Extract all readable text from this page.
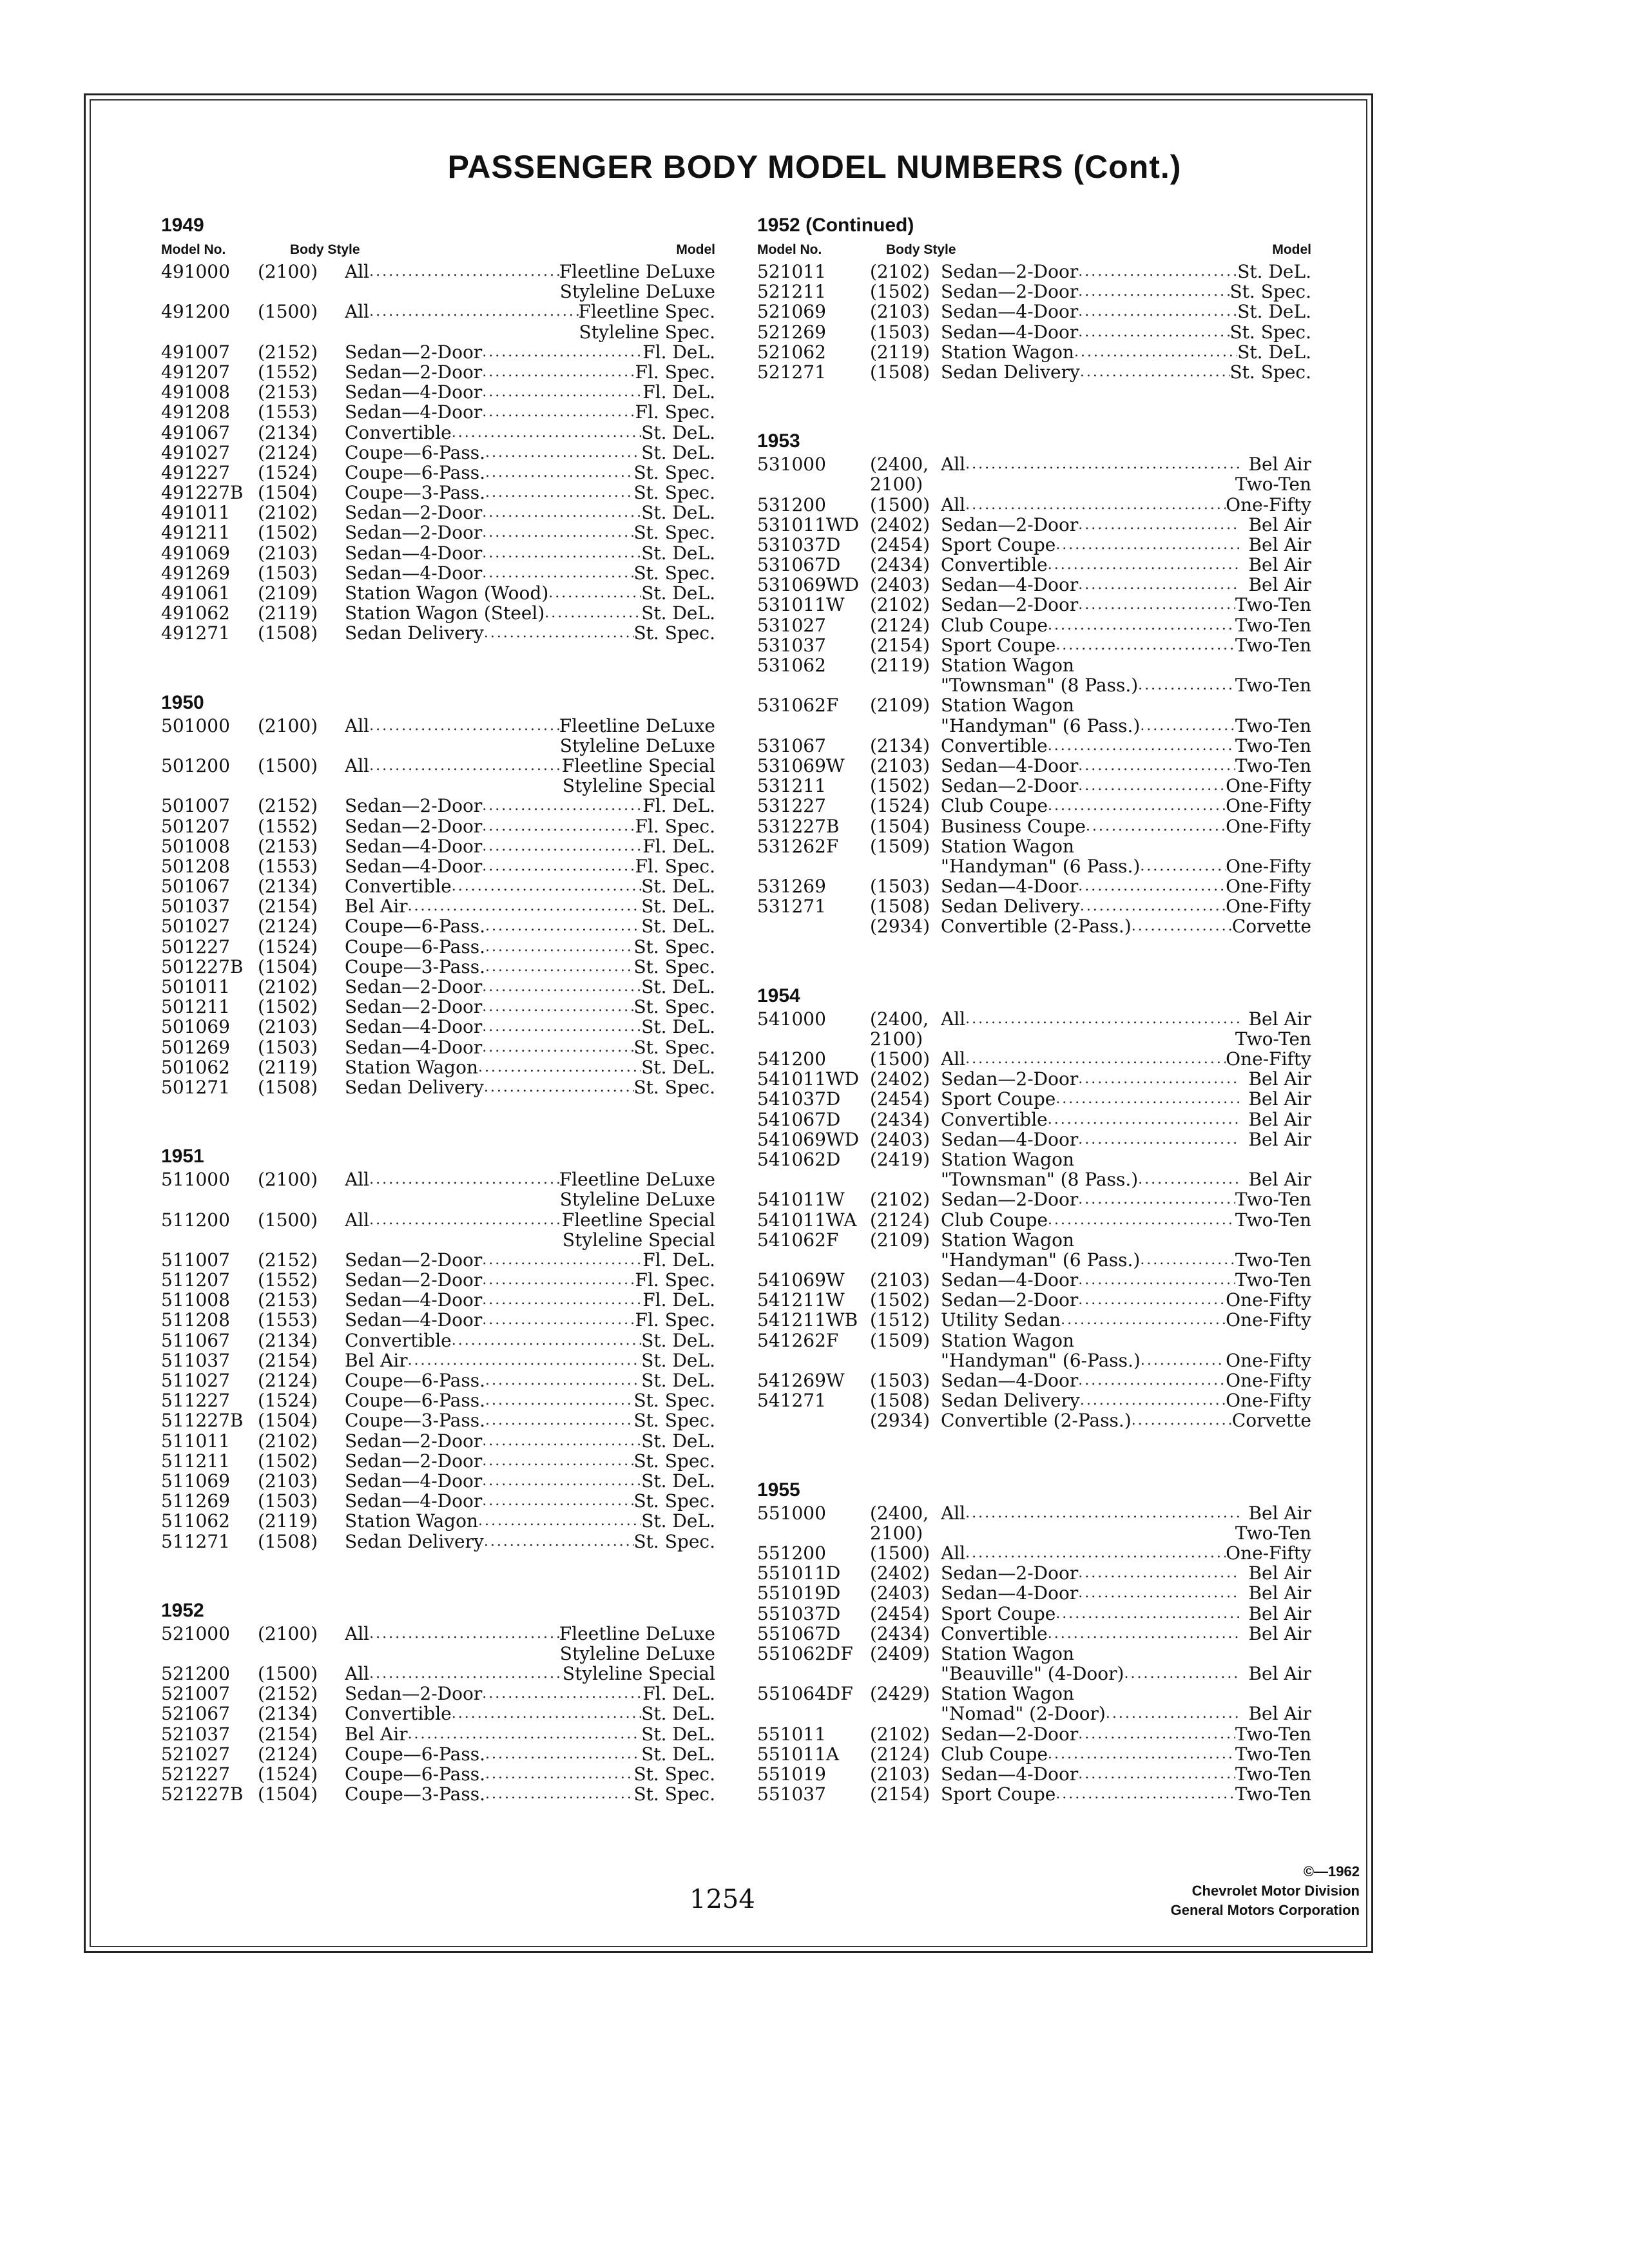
PASSENGER BODY MODEL NUMBERS (Cont.)
1949
Model No.	Body Style	Model
491000	(2100)	All .....	Fleetline DeLuxe
Styleline DeLuxe
491200	(1500)	All .....	Fleetline Spec.
Styleline Spec.
491007	(2152)	Sedan—2-Door .....	Fl. DeL.
491207	(1552)	Sedan—2-Door .....	Fl. Spec.
491008	(2153)	Sedan—4-Door .....	Fl. DeL.
491208	(1553)	Sedan—4-Door .....	Fl. Spec.
491067	(2134)	Convertible .....	St. DeL.
491027	(2124)	Coupe—6-Pass. .....	St. DeL.
491227	(1524)	Coupe—6-Pass. .....	St. Spec.
491227B (1504)	Coupe—3-Pass. .....	St. Spec.
491011	(2102)	Sedan—2-Door .....	St. DeL.
491211	(1502)	Sedan—2-Door .....	St. Spec.
491069	(2103)	Sedan—4-Door .....	St. DeL.
491269	(1503)	Sedan—4-Door .....	St. Spec.
491061	(2109)	Station Wagon (Wood) .....	St. DeL.
491062	(2119)	Station Wagon (Steel) .....	St. DeL.
491271	(1508)	Sedan Delivery .....	St. Spec.
1950
501000	(2100)	All .....	Fleetline DeLuxe
Styleline DeLuxe
501200	(1500)	All .....	Fleetline Special
Styleline Special
501007	(2152)	Sedan—2-Door .....	Fl. DeL.
501207	(1552)	Sedan—2-Door .....	Fl. Spec.
501008	(2153)	Sedan—4-Door .....	Fl. DeL.
501208	(1553)	Sedan—4-Door .....	Fl. Spec.
501067	(2134)	Convertible .....	St. DeL.
501037	(2154)	Bel Air .....	St. DeL.
501027	(2124)	Coupe—6-Pass. .....	St. DeL.
501227	(1524)	Coupe—6-Pass. .....	St. Spec.
501227B (1504)	Coupe—3-Pass. .....	St. Spec.
501011	(2102)	Sedan—2-Door .....	St. DeL.
501211	(1502)	Sedan—2-Door .....	St. Spec.
501069	(2103)	Sedan—4-Door .....	St. DeL.
501269	(1503)	Sedan—4-Door .....	St. Spec.
501062	(2119)	Station Wagon .....	St. DeL.
501271	(1508)	Sedan Delivery .....	St. Spec.
1951
511000	(2100)	All .....	Fleetline DeLuxe
Styleline DeLuxe
511200	(1500)	All .....	Fleetline Special
Styleline Special
511007	(2152)	Sedan—2-Door .....	Fl. DeL.
511207	(1552)	Sedan—2-Door .....	Fl. Spec.
511008	(2153)	Sedan—4-Door .....	Fl. DeL.
511208	(1553)	Sedan—4-Door .....	Fl. Spec.
511067	(2134)	Convertible .....	St. DeL.
511037	(2154)	Bel Air .....	St. DeL.
511027	(2124)	Coupe—6-Pass. .....	St. DeL.
511227	(1524)	Coupe—6-Pass. .....	St. Spec.
511227B (1504)	Coupe—3-Pass. .....	St. Spec.
511011	(2102)	Sedan—2-Door .....	St. DeL.
511211	(1502)	Sedan—2-Door .....	St. Spec.
511069	(2103)	Sedan—4-Door .....	St. DeL.
511269	(1503)	Sedan—4-Door .....	St. Spec.
511062	(2119)	Station Wagon .....	St. DeL.
511271	(1508)	Sedan Delivery .....	St. Spec.
1952
521000	(2100)	All .....	Fleetline DeLuxe
Styleline DeLuxe
521200	(1500)	All .....	Styleline Special
521007	(2152)	Sedan—2-Door .....	Fl. DeL.
521067	(2134)	Convertible .....	St. DeL.
521037	(2154)	Bel Air .....	St. DeL.
521027	(2124)	Coupe—6-Pass. .....	St. DeL.
521227	(1524)	Coupe—6-Pass. .....	St. Spec.
521227B (1504)	Coupe—3-Pass. .....	St. Spec.
1952 (Continued)
Model No.	Body Style	Model
521011	(2102) Sedan—2-Door .....	St. DeL.
521211	(1502) Sedan—2-Door .....	St. Spec.
521069	(2103) Sedan—4-Door .....	St. DeL.
521269	(1503) Sedan—4-Door .....	St. Spec.
521062	(2119) Station Wagon .....	St. DeL.
521271	(1508) Sedan Delivery .....	St. Spec.
1953
531000	(2400, All .....	Bel Air
2100)	Two-Ten
531200	(1500) All .....	One-Fifty
531011WD (2402) Sedan—2-Door .....	Bel Air
531037D	(2454) Sport Coupe .....	Bel Air
531067D	(2434) Convertible .....	Bel Air
531069WD (2403) Sedan—4-Door .....	Bel Air
531011W	(2102) Sedan—2-Door .....	Two-Ten
531027	(2124) Club Coupe .....	Two-Ten
531037	(2154) Sport Coupe .....	Two-Ten
531062	(2119) Station Wagon
"Townsman" (8 Pass.) .....	Two-Ten
531062F	(2109) Station Wagon
"Handyman" (6 Pass.) .....	Two-Ten
531067	(2134) Convertible .....	Two-Ten
531069W	(2103) Sedan—4-Door .....	Two-Ten
531211	(1502) Sedan—2-Door .....	One-Fifty
531227	(1524) Club Coupe .....	One-Fifty
531227B	(1504) Business Coupe .....	One-Fifty
531262F	(1509) Station Wagon
"Handyman" (6 Pass.) .....	One-Fifty
531269	(1503) Sedan—4-Door .....	One-Fifty
531271	(1508) Sedan Delivery .....	One-Fifty
(2934) Convertible (2-Pass.) .....	Corvette
1954
541000	(2400, All .....	Bel Air
2100)	Two-Ten
541200	(1500) All .....	One-Fifty
541011WD (2402) Sedan—2-Door .....	Bel Air
541037D	(2454) Sport Coupe .....	Bel Air
541067D	(2434) Convertible .....	Bel Air
541069WD (2403) Sedan—4-Door .....	Bel Air
541062D	(2419) Station Wagon
"Townsman" (8 Pass.) .....	Bel Air
541011W	(2102) Sedan—2-Door .....	Two-Ten
541011WA (2124) Club Coupe .....	Two-Ten
541062F	(2109) Station Wagon
"Handyman" (6 Pass.) .....	Two-Ten
541069W	(2103) Sedan—4-Door .....	Two-Ten
541211W	(1502) Sedan—2-Door .....	One-Fifty
541211WB (1512) Utility Sedan .....	One-Fifty
541262F	(1509) Station Wagon
"Handyman" (6-Pass.) .....	One-Fifty
541269W	(1503) Sedan—4-Door .....	One-Fifty
541271	(1508) Sedan Delivery .....	One-Fifty
(2934) Convertible (2-Pass.) .....	Corvette
1955
551000	(2400, All .....	Bel Air
2100)	Two-Ten
551200	(1500) All .....	One-Fifty
551011D	(2402) Sedan—2-Door .....	Bel Air
551019D	(2403) Sedan—4-Door .....	Bel Air
551037D	(2454) Sport Coupe .....	Bel Air
551067D	(2434) Convertible .....	Bel Air
551062DF (2409) Station Wagon
"Beauville" (4-Door) .....	Bel Air
551064DF (2429) Station Wagon
"Nomad" (2-Door) .....	Bel Air
551011	(2102) Sedan—2-Door .....	Two-Ten
551011A	(2124) Club Coupe .....	Two-Ten
551019	(2103) Sedan—4-Door .....	Two-Ten
551037	(2154) Sport Coupe .....	Two-Ten
1254
©—1962
Chevrolet Motor Division
General Motors Corporation
